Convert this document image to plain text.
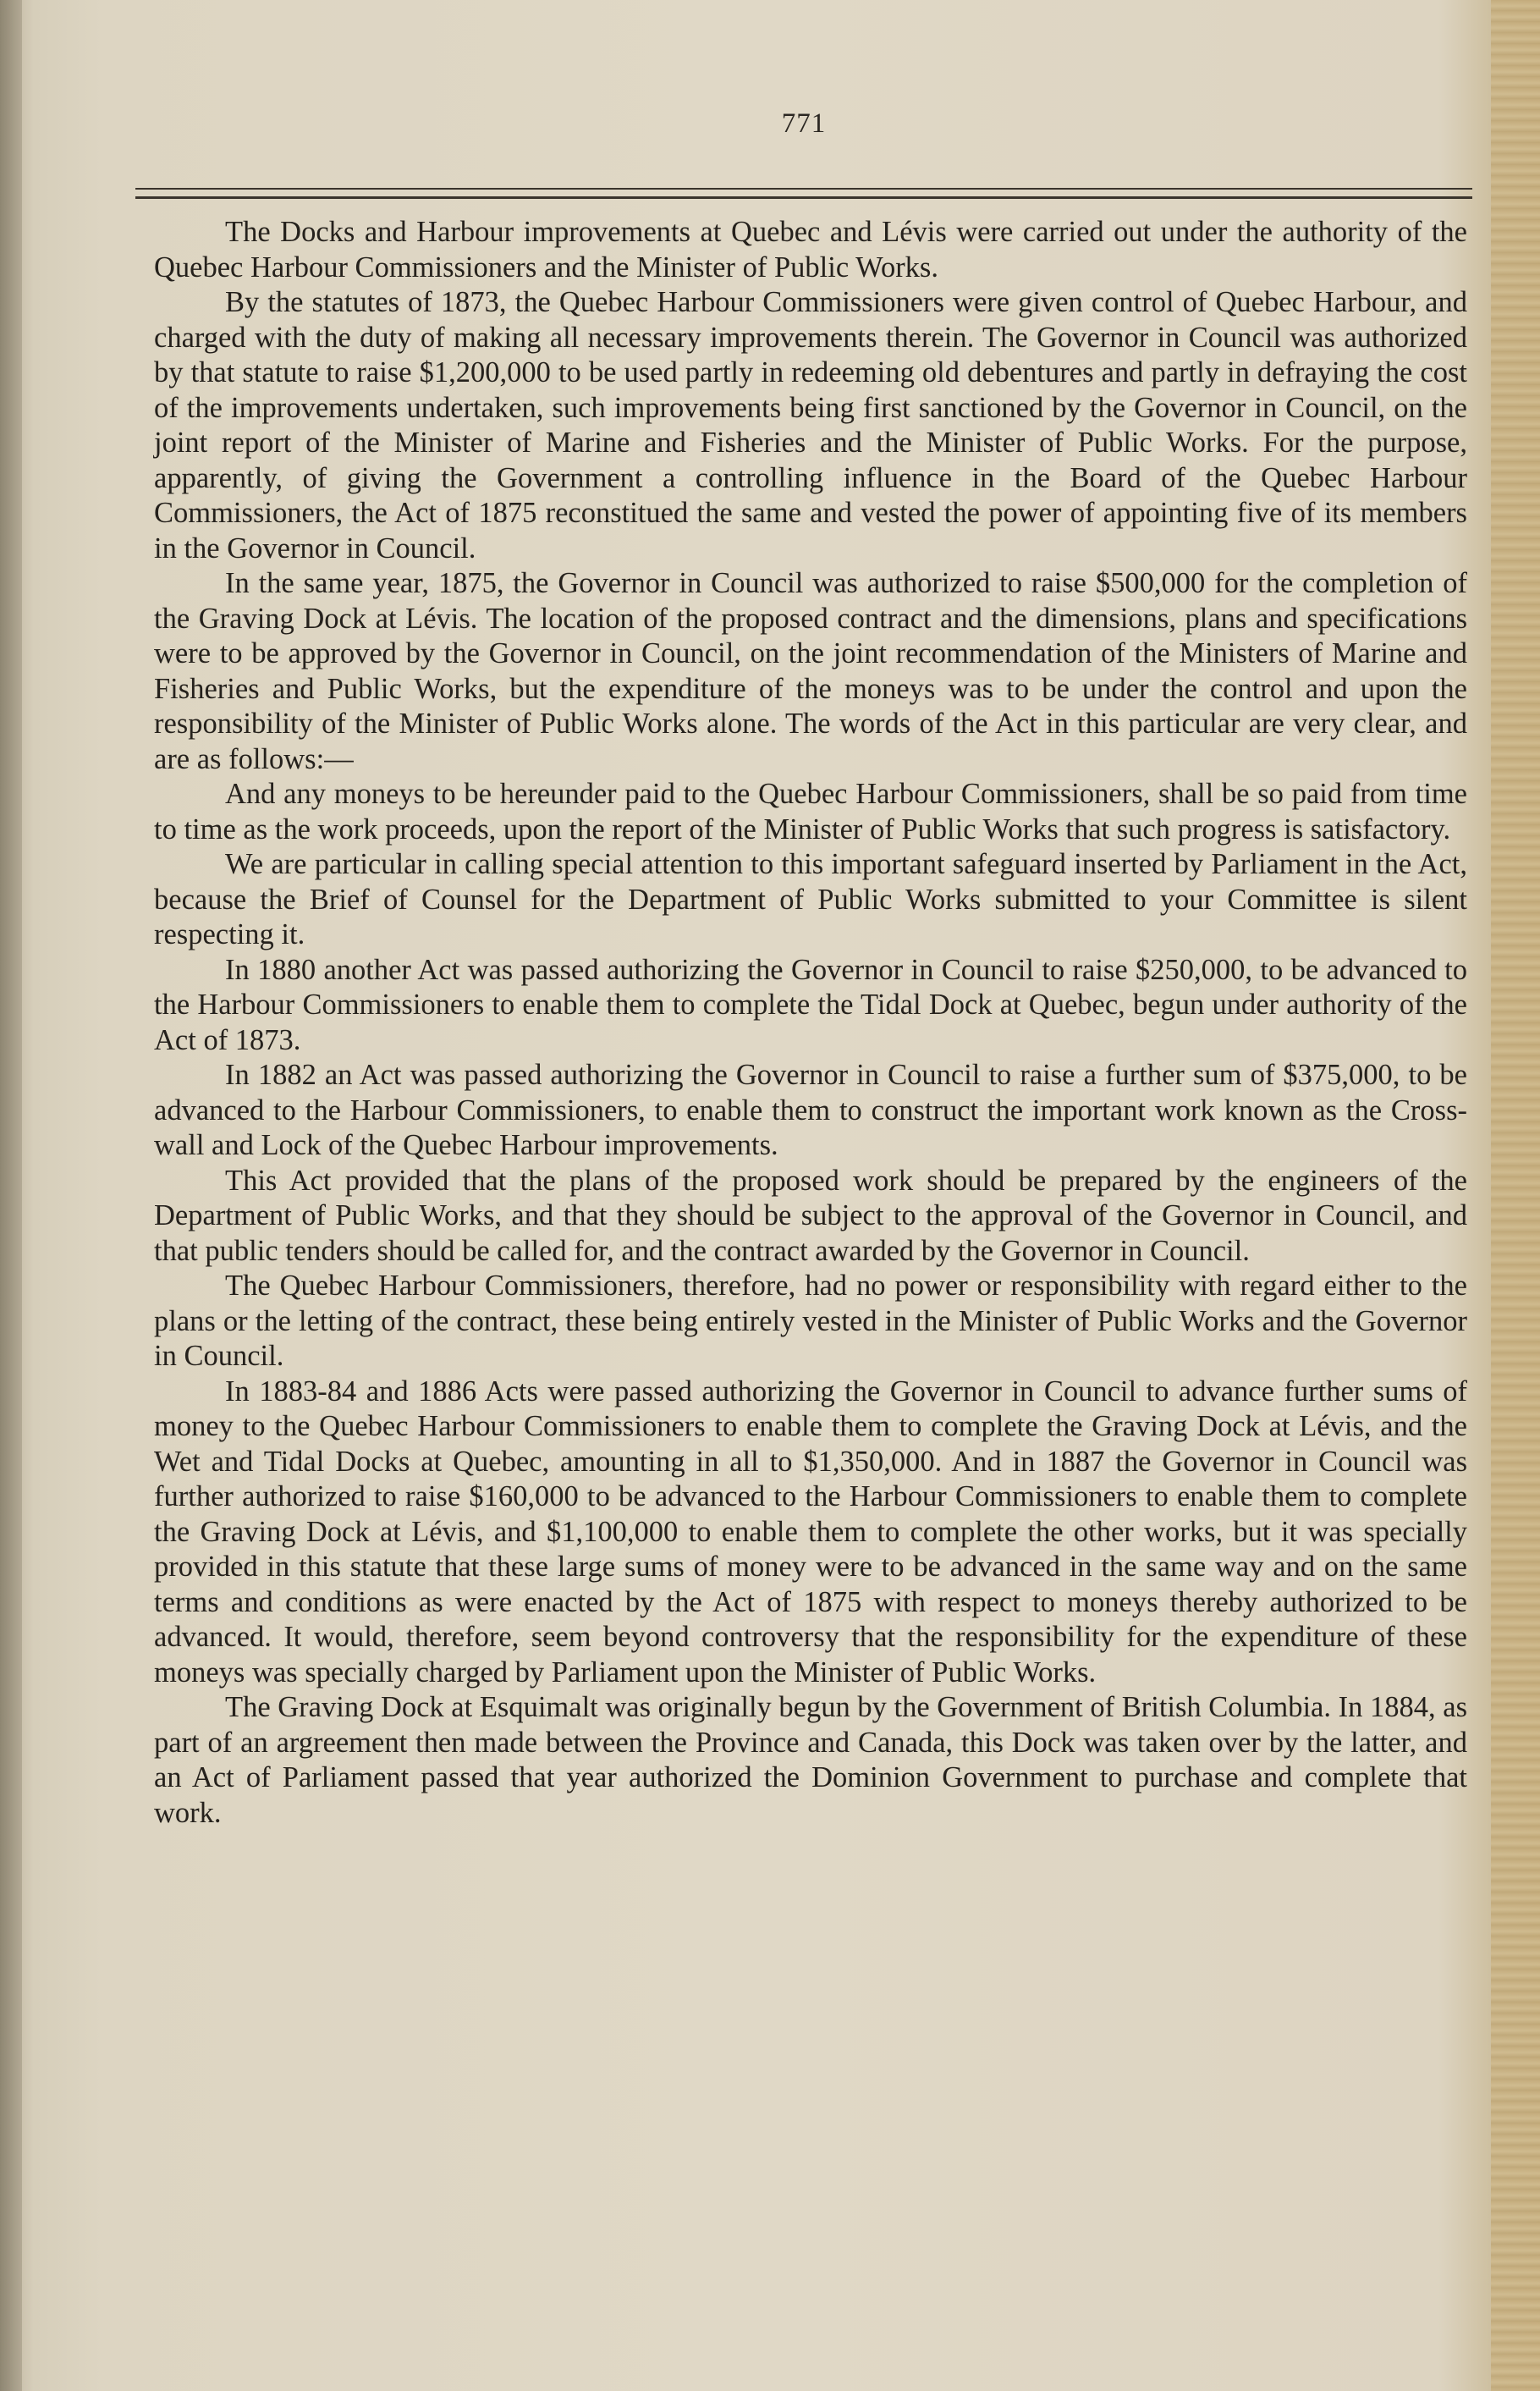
771

The Docks and Harbour improvements at Quebec and Lévis were carried out under the authority of the Quebec Harbour Commissioners and the Minister of Public Works.

By the statutes of 1873, the Quebec Harbour Commissioners were given control of Quebec Harbour, and charged with the duty of making all necessary improvements therein. The Governor in Council was authorized by that statute to raise $1,200,000 to be used partly in redeeming old debentures and partly in defraying the cost of the improvements undertaken, such improvements being first sanctioned by the Governor in Council, on the joint report of the Minister of Marine and Fisheries and the Minister of Public Works. For the purpose, apparently, of giving the Government a controlling influence in the Board of the Quebec Harbour Commissioners, the Act of 1875 reconstitued the same and vested the power of appointing five of its members in the Governor in Council.

In the same year, 1875, the Governor in Council was authorized to raise $500,000 for the completion of the Graving Dock at Lévis. The location of the proposed contract and the dimensions, plans and specifications were to be approved by the Governor in Council, on the joint recommendation of the Ministers of Marine and Fisheries and Public Works, but the expenditure of the moneys was to be under the control and upon the responsibility of the Minister of Public Works alone. The words of the Act in this particular are very clear, and are as follows:—

And any moneys to be hereunder paid to the Quebec Harbour Commissioners, shall be so paid from time to time as the work proceeds, upon the report of the Minister of Public Works that such progress is satisfactory.

We are particular in calling special attention to this important safeguard inserted by Parliament in the Act, because the Brief of Counsel for the Department of Public Works submitted to your Committee is silent respecting it.

In 1880 another Act was passed authorizing the Governor in Council to raise $250,000, to be advanced to the Harbour Commissioners to enable them to complete the Tidal Dock at Quebec, begun under authority of the Act of 1873.

In 1882 an Act was passed authorizing the Governor in Council to raise a further sum of $375,000, to be advanced to the Harbour Commissioners, to enable them to construct the important work known as the Cross-wall and Lock of the Quebec Harbour improvements.

This Act provided that the plans of the proposed work should be prepared by the engineers of the Department of Public Works, and that they should be subject to the approval of the Governor in Council, and that public tenders should be called for, and the contract awarded by the Governor in Council.

The Quebec Harbour Commissioners, therefore, had no power or responsibility with regard either to the plans or the letting of the contract, these being entirely vested in the Minister of Public Works and the Governor in Council.

In 1883-84 and 1886 Acts were passed authorizing the Governor in Council to advance further sums of money to the Quebec Harbour Commissioners to enable them to complete the Graving Dock at Lévis, and the Wet and Tidal Docks at Quebec, amounting in all to $1,350,000. And in 1887 the Governor in Council was further authorized to raise $160,000 to be advanced to the Harbour Commissioners to enable them to complete the Graving Dock at Lévis, and $1,100,000 to enable them to complete the other works, but it was specially provided in this statute that these large sums of money were to be advanced in the same way and on the same terms and conditions as were enacted by the Act of 1875 with respect to moneys thereby authorized to be advanced. It would, therefore, seem beyond controversy that the responsibility for the expenditure of these moneys was specially charged by Parliament upon the Minister of Public Works.

The Graving Dock at Esquimalt was originally begun by the Government of British Columbia. In 1884, as part of an argreement then made between the Province and Canada, this Dock was taken over by the latter, and an Act of Parliament passed that year authorized the Dominion Government to purchase and complete that work.
